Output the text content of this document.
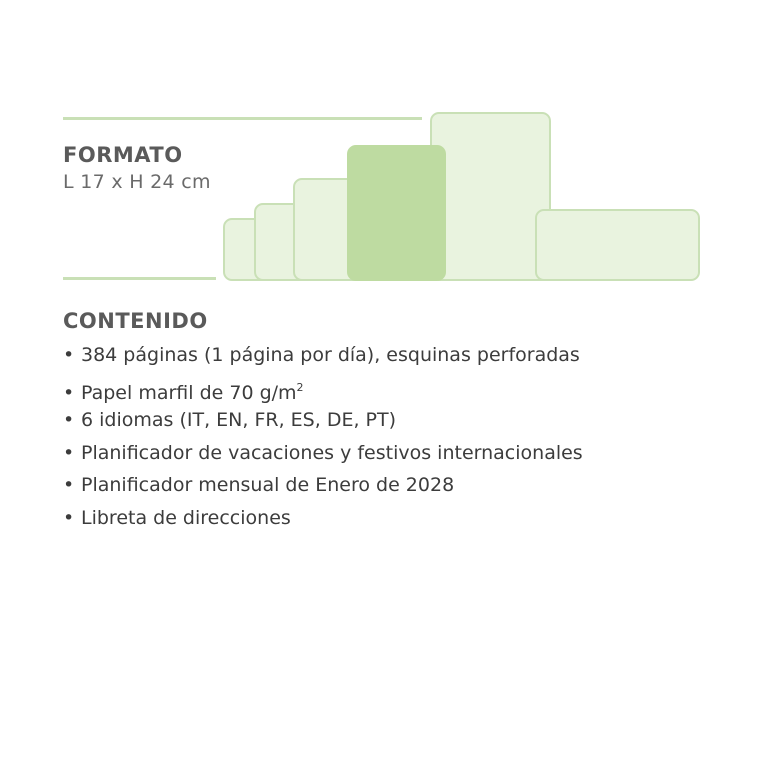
FORMATO
L 17 x H 24 cm
CONTENIDO
• 384 páginas (1 página por día), esquinas perforadas
• Papel marfil de 70 $g/m^2$
• 6 idiomas (IT, EN, FR, ES, DE, PT)
• Planificador de vacaciones y festivos internacionales
• Planificador mensual de Enero de 2028
• Libreta de direcciones
